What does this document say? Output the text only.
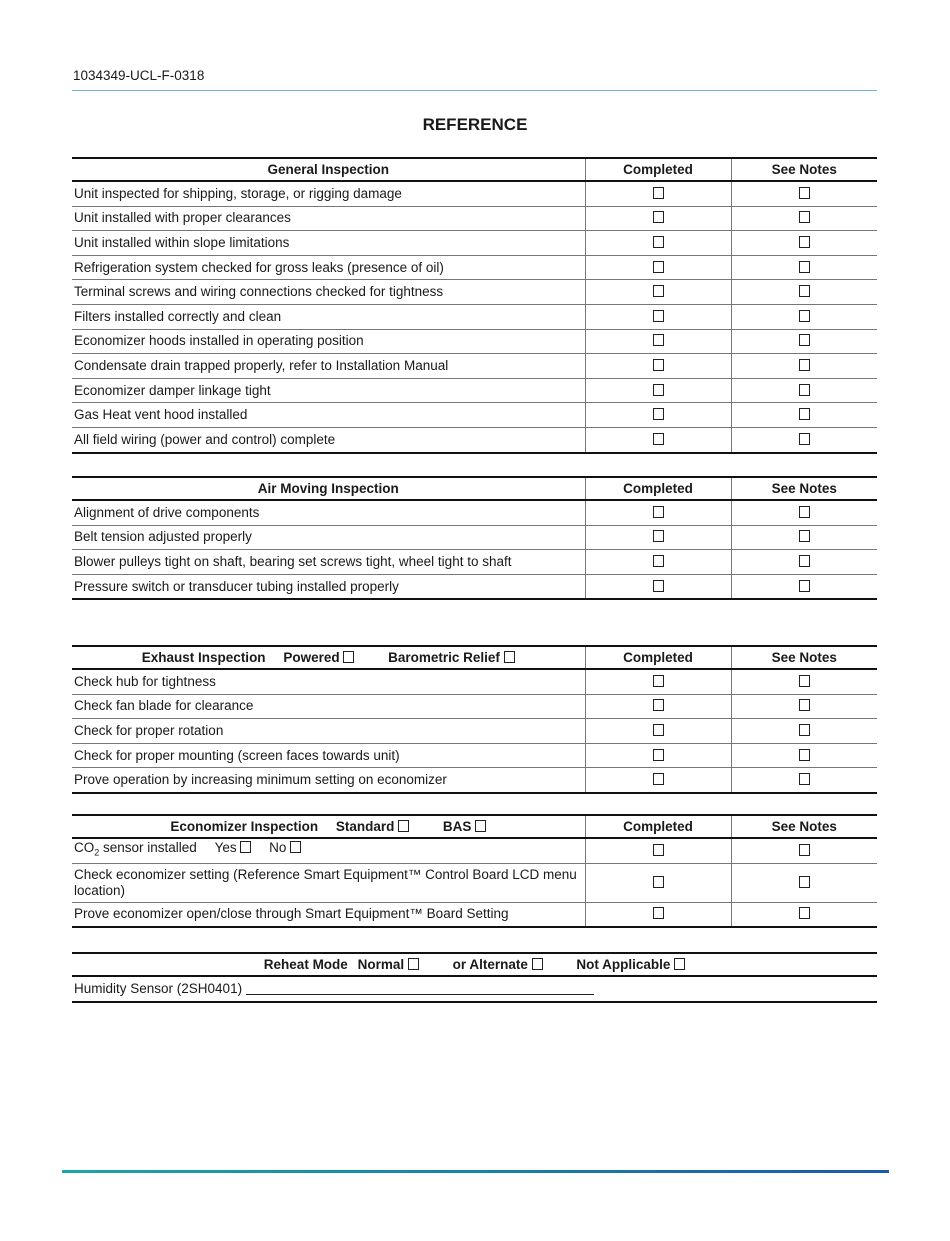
1034349-UCL-F-0318
REFERENCE
General Inspection	Completed	See Notes
Unit inspected for shipping, storage, or rigging damage		
Unit installed with proper clearances		
Unit installed within slope limitations		
Refrigeration system checked for gross leaks (presence of oil)		
Terminal screws and wiring connections checked for tightness		
Filters installed correctly and clean		
Economizer hoods installed in operating position		
Condensate drain trapped properly, refer to Installation Manual		
Economizer damper linkage tight		
Gas Heat vent hood installed		
All field wiring (power and control) complete		
Air Moving Inspection	Completed	See Notes
Alignment of drive components		
Belt tension adjusted properly		
Blower pulleys tight on shaft, bearing set screws tight, wheel tight to shaft		
Pressure switch or transducer tubing installed properly		
Exhaust Inspection Powered Barometric Relief	Completed	See Notes
Check hub for tightness		
Check fan blade for clearance		
Check for proper rotation		
Check for proper mounting (screen faces towards unit)		
Prove operation by increasing minimum setting on economizer		
Economizer Inspection Standard BAS	Completed	See Notes
$CO_2$ sensor installed Yes No		
Check economizer setting (Reference Smart Equipment™ Control Board LCD menu location)		
Prove economizer open/close through Smart Equipment™ Board Setting		
Reheat Mode Normal	or Alternate	Not Applicable
Humidity Sensor (2SH0401)
